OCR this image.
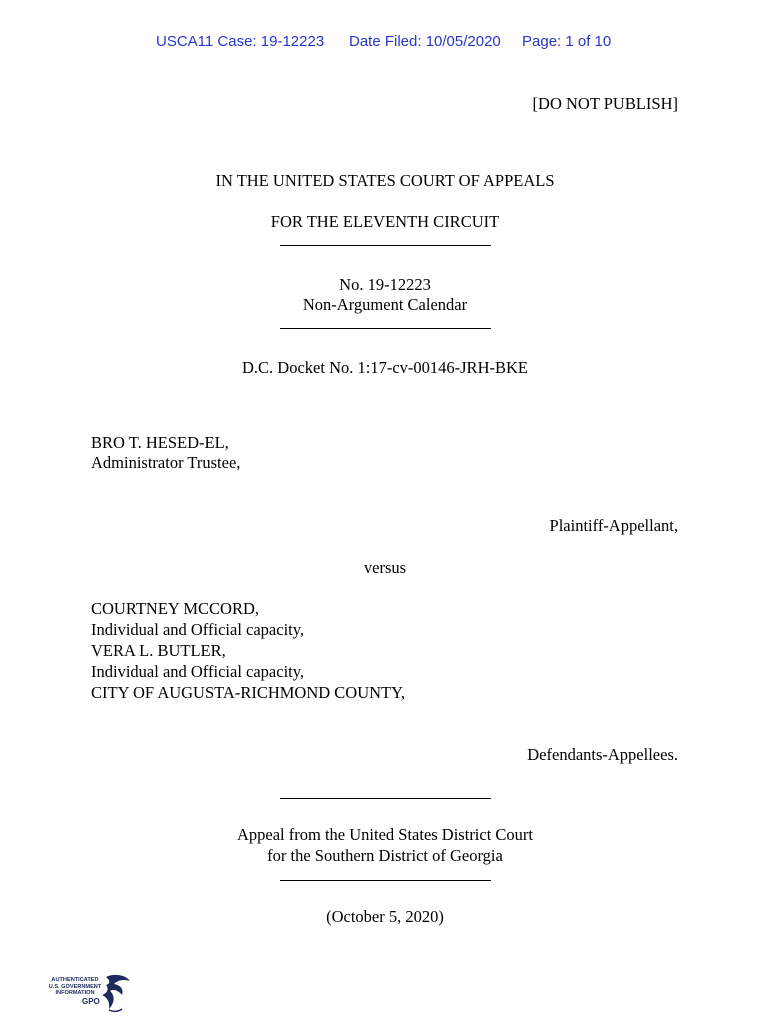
USCA11 Case: 19-12223 Date Filed: 10/05/2020 Page: 1 of 10
[DO NOT PUBLISH]
IN THE UNITED STATES COURT OF APPEALS
FOR THE ELEVENTH CIRCUIT
No. 19-12223
Non-Argument Calendar
D.C. Docket No. 1:17-cv-00146-JRH-BKE
BRO T. HESED-EL,
Administrator Trustee,
Plaintiff-Appellant,
versus
COURTNEY MCCORD,
Individual and Official capacity,
VERA L. BUTLER,
Individual and Official capacity,
CITY OF AUGUSTA-RICHMOND COUNTY,
Defendants-Appellees.
Appeal from the United States District Court
for the Southern District of Georgia
(October 5, 2020)
AUTHENTICATED
U.S. GOVERNMENT
INFORMATION
GPO
